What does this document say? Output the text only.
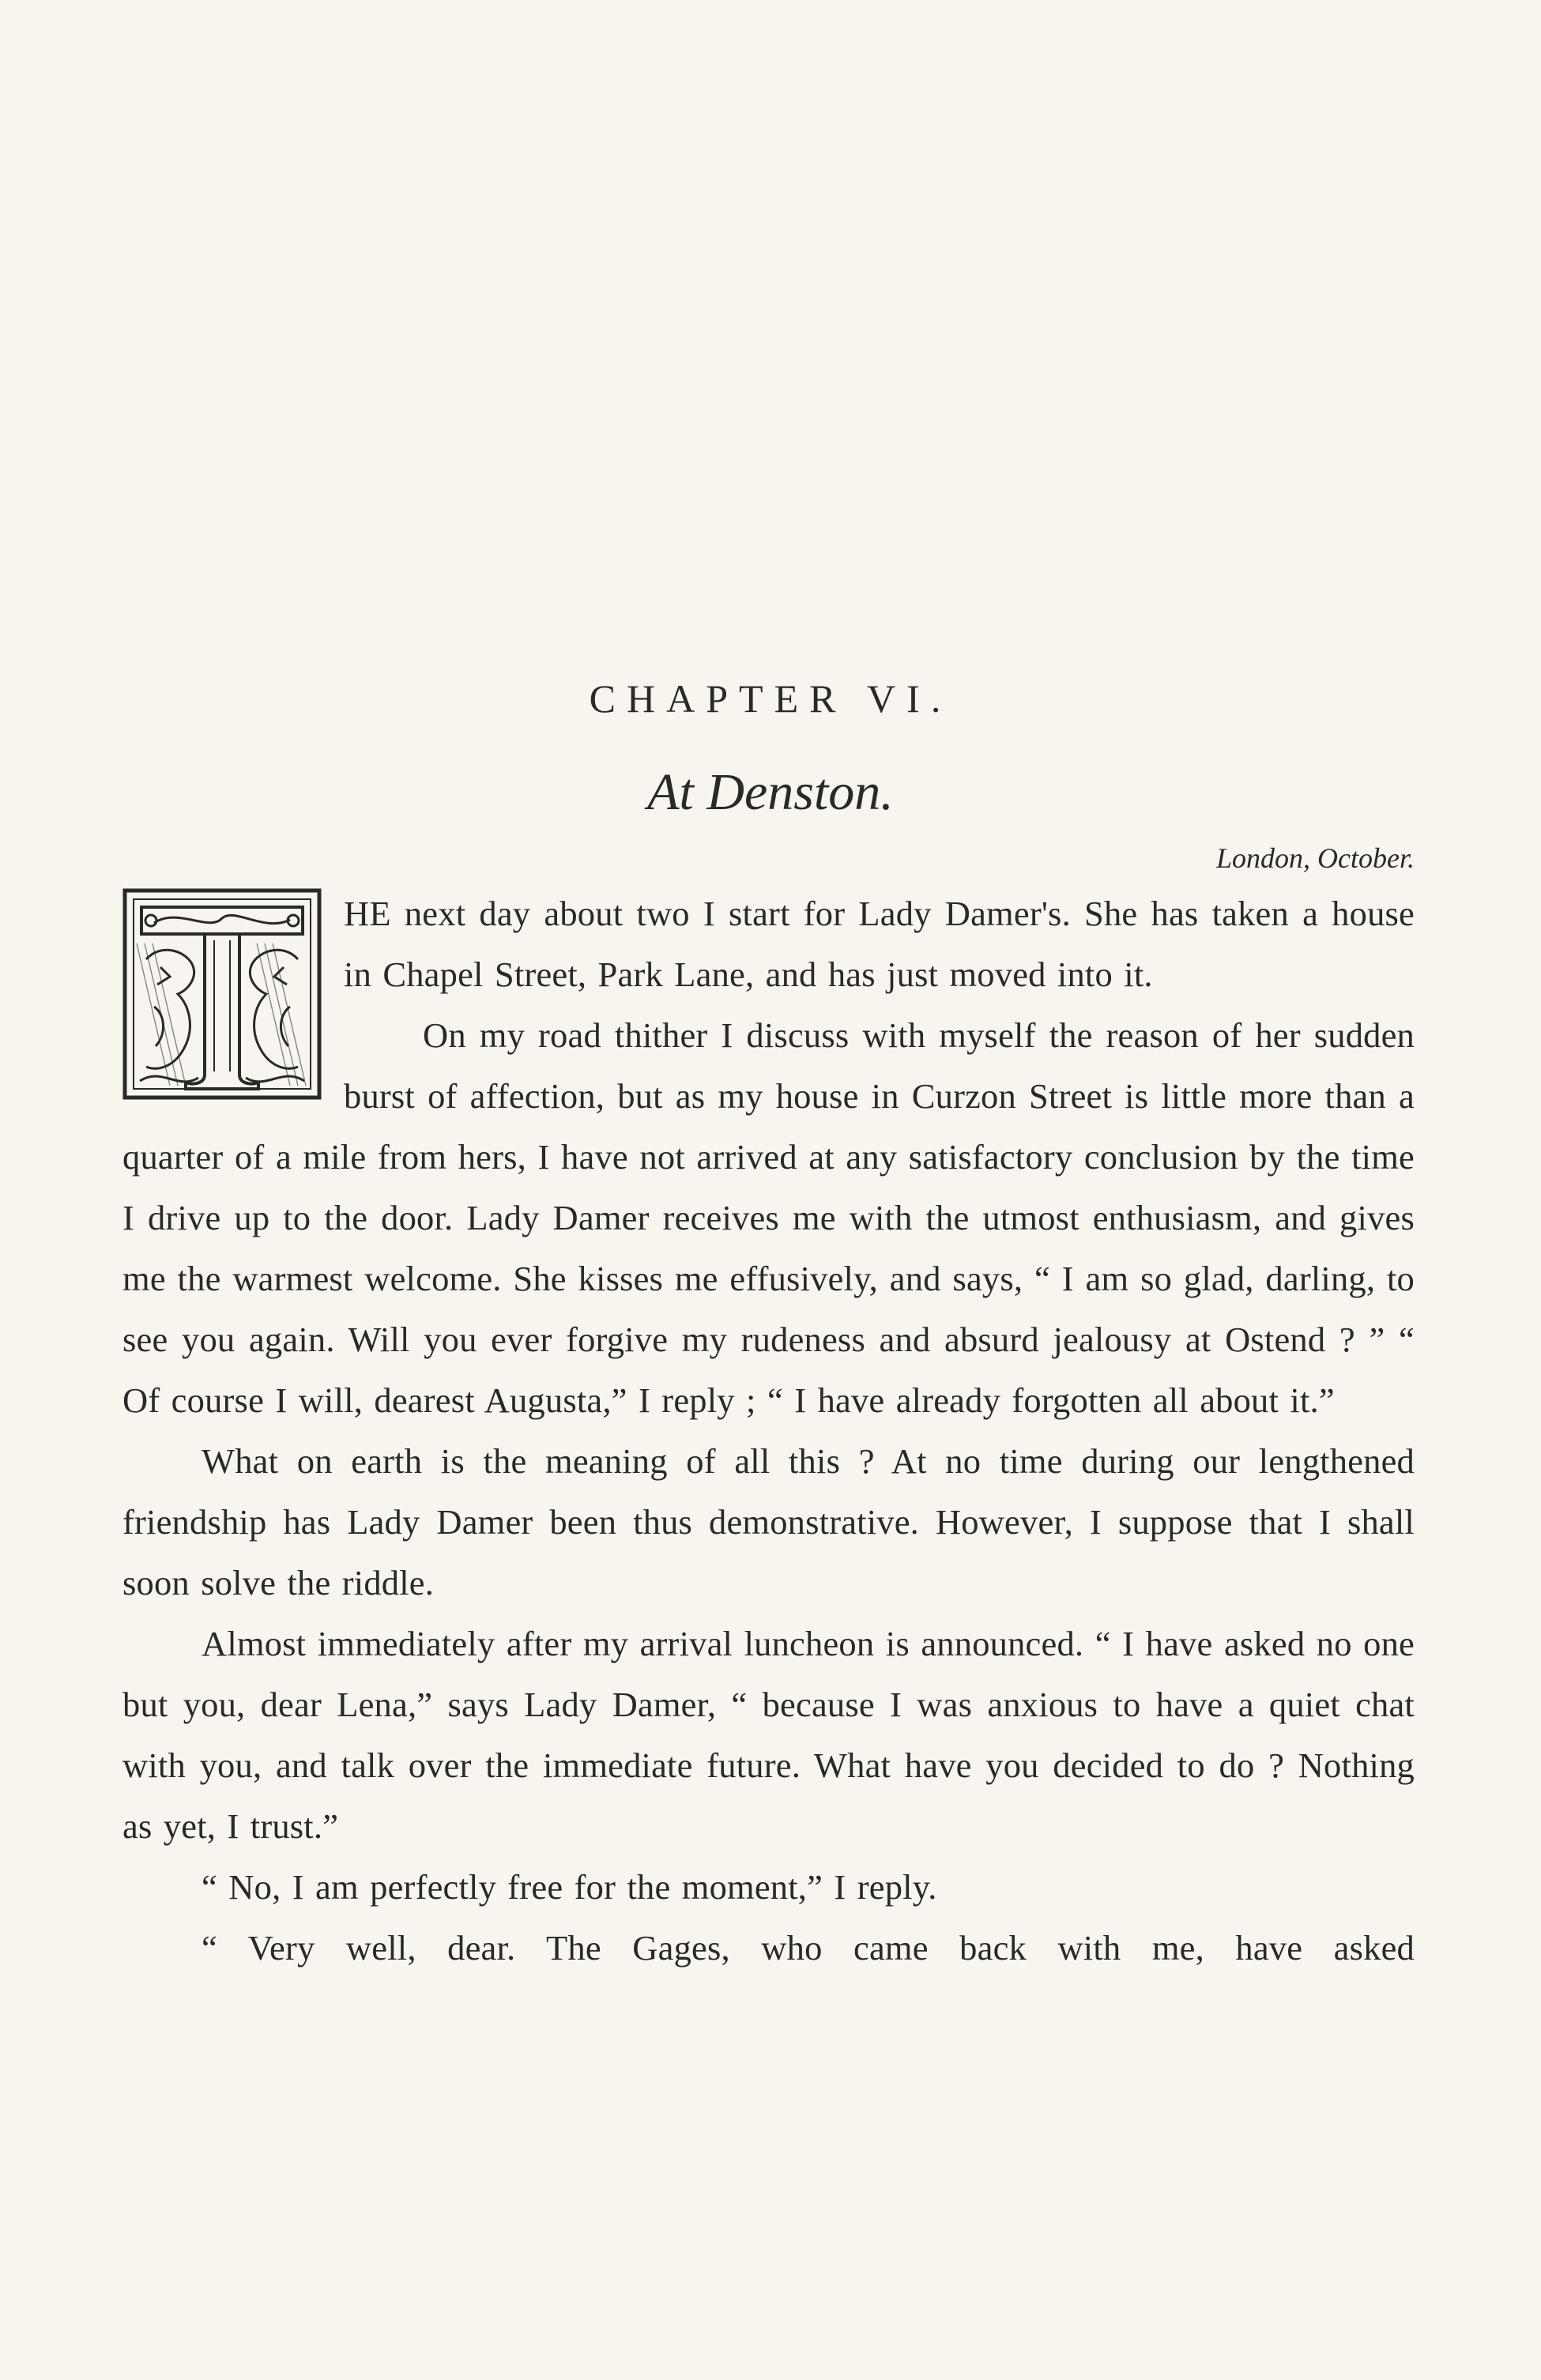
CHAPTER VI.
At Denston.
London, October.

HE next day about two I start for Lady Damer's. She has taken a house in Chapel Street, Park Lane, and has just moved into it.

On my road thither I discuss with myself the reason of her sudden burst of affection, but as my house in Curzon Street is little more than a quarter of a mile from hers, I have not arrived at any satisfactory conclusion by the time I drive up to the door. Lady Damer receives me with the utmost enthusiasm, and gives me the warmest welcome. She kisses me effusively, and says, “ I am so glad, darling, to see you again. Will you ever forgive my rudeness and absurd jealousy at Ostend ? ” “ Of course I will, dearest Augusta,” I reply ; “ I have already forgotten all about it.”

What on earth is the meaning of all this ? At no time during our lengthened friendship has Lady Damer been thus demonstrative. However, I suppose that I shall soon solve the riddle.

Almost immediately after my arrival luncheon is announced. “ I have asked no one but you, dear Lena,” says Lady Damer, “ because I was anxious to have a quiet chat with you, and talk over the immediate future. What have you decided to do ? Nothing as yet, I trust.”

“ No, I am perfectly free for the moment,” I reply.

“ Very well, dear. The Gages, who came back with me, have asked
